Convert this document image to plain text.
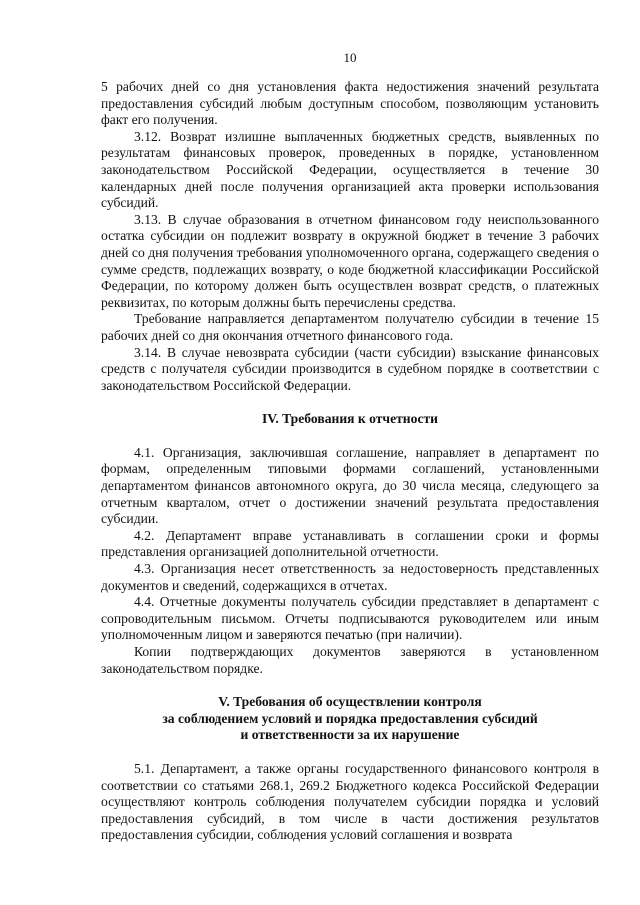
10

5 рабочих дней со дня установления факта недостижения значений результата предоставления субсидий любым доступным способом, позволяющим установить факт его получения.

3.12. Возврат излишне выплаченных бюджетных средств, выявленных по результатам финансовых проверок, проведенных в порядке, установленном законодательством Российской Федерации, осуществляется в течение 30 календарных дней после получения организацией акта проверки использования субсидий.

3.13. В случае образования в отчетном финансовом году неиспользованного остатка субсидии он подлежит возврату в окружной бюджет в течение 3 рабочих дней со дня получения требования уполномоченного органа, содержащего сведения о сумме средств, подлежащих возврату, о коде бюджетной классификации Российской Федерации, по которому должен быть осуществлен возврат средств, о платежных реквизитах, по которым должны быть перечислены средства.

Требование направляется департаментом получателю субсидии в течение 15 рабочих дней со дня окончания отчетного финансового года.

3.14. В случае невозврата субсидии (части субсидии) взыскание финансовых средств с получателя субсидии производится в судебном порядке в соответствии с законодательством Российской Федерации.

IV. Требования к отчетности

4.1. Организация, заключившая соглашение, направляет в департамент по формам, определенным типовыми формами соглашений, установленными департаментом финансов автономного округа, до 30 числа месяца, следующего за отчетным кварталом, отчет о достижении значений результата предоставления субсидии.

4.2. Департамент вправе устанавливать в соглашении сроки и формы представления организацией дополнительной отчетности.

4.3. Организация несет ответственность за недостоверность представленных документов и сведений, содержащихся в отчетах.

4.4. Отчетные документы получатель субсидии представляет в департамент с сопроводительным письмом. Отчеты подписываются руководителем или иным уполномоченным лицом и заверяются печатью (при наличии).

Копии подтверждающих документов заверяются в установленном законодательством порядке.

V. Требования об осуществлении контроля
за соблюдением условий и порядка предоставления субсидий
и ответственности за их нарушение

5.1. Департамент, а также органы государственного финансового контроля в соответствии со статьями 268.1, 269.2 Бюджетного кодекса Российской Федерации осуществляют контроль соблюдения получателем субсидии порядка и условий предоставления субсидий, в том числе в части достижения результатов предоставления субсидии, соблюдения условий соглашения и возврата
